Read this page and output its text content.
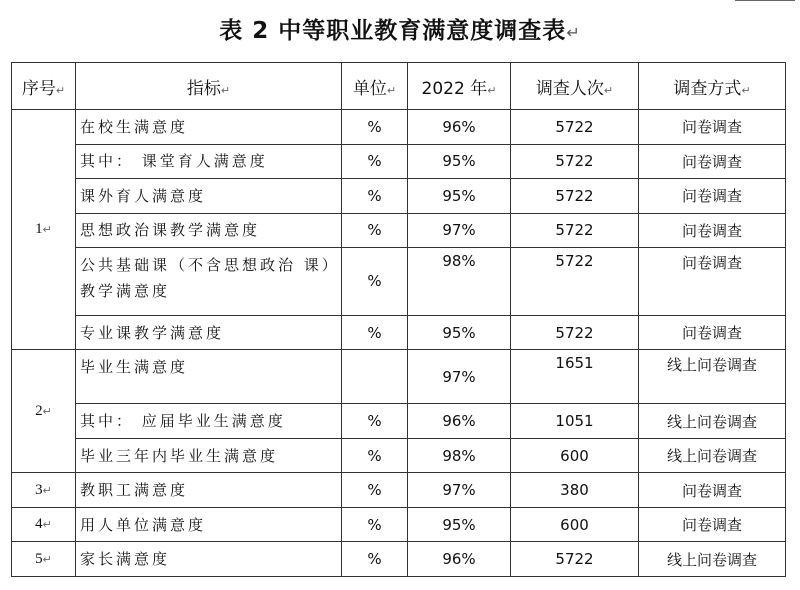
表 2 中等职业教育满意度调查表↵
序号↵	指标↵	单位↵	2022 年↵	调查人次↵	调查方式↵
1↵	在校生满意度	%	96%	5722	问卷调查
	其中： 课堂育人满意度	%	95%	5722	问卷调查
	课外育人满意度	%	95%	5722	问卷调查
	思想政治课教学满意度	%	97%	5722	问卷调查
	公共基础课（不含思想政治 课）教学满意度	%	98%	5722	问卷调查
	专业课教学满意度	%	95%	5722	问卷调查
2↵	毕业生满意度		97%	1651	线上问卷调查
	其中： 应届毕业生满意度	%	96%	1051	线上问卷调查
	毕业三年内毕业生满意度	%	98%	600	线上问卷调查
3↵	教职工满意度	%	97%	380	问卷调查
4↵	用人单位满意度	%	95%	600	问卷调查
5↵	家长满意度	%	96%	5722	线上问卷调查
